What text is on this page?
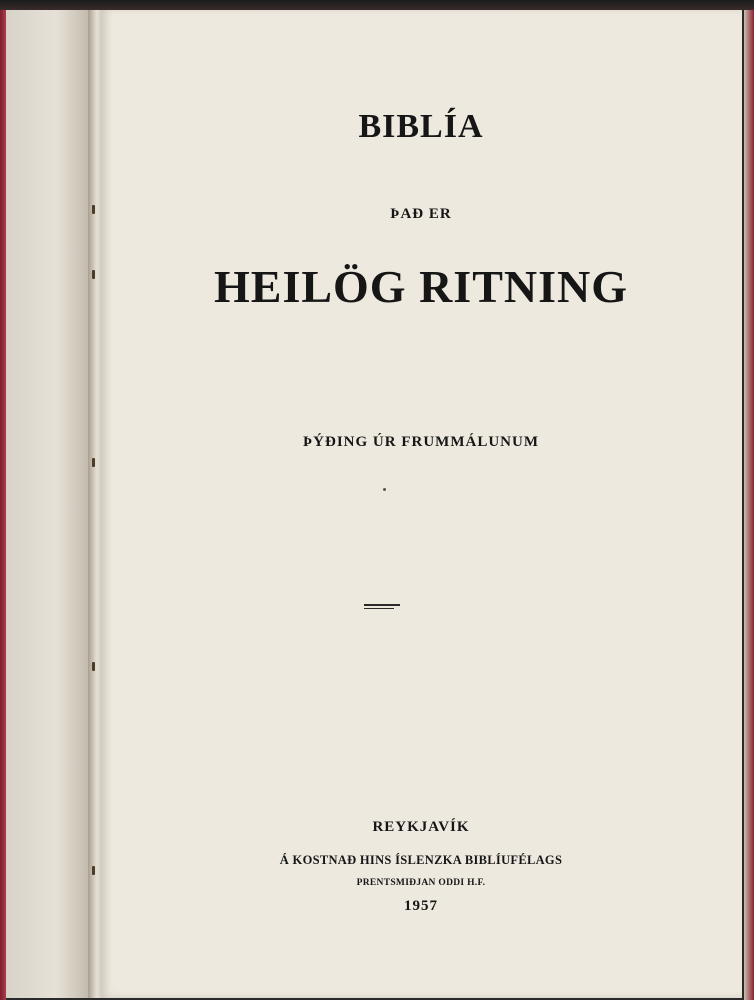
BIBLÍA
ÞAÐ ER
HEILÖG RITNING
ÞÝÐING ÚR FRUMMÁLUNUM
REYKJAVÍK
Á KOSTNAÐ HINS ÍSLENZKA BIBLÍUFÉLAGS
PRENTSMIÐJAN ODDI H.F.
1957
